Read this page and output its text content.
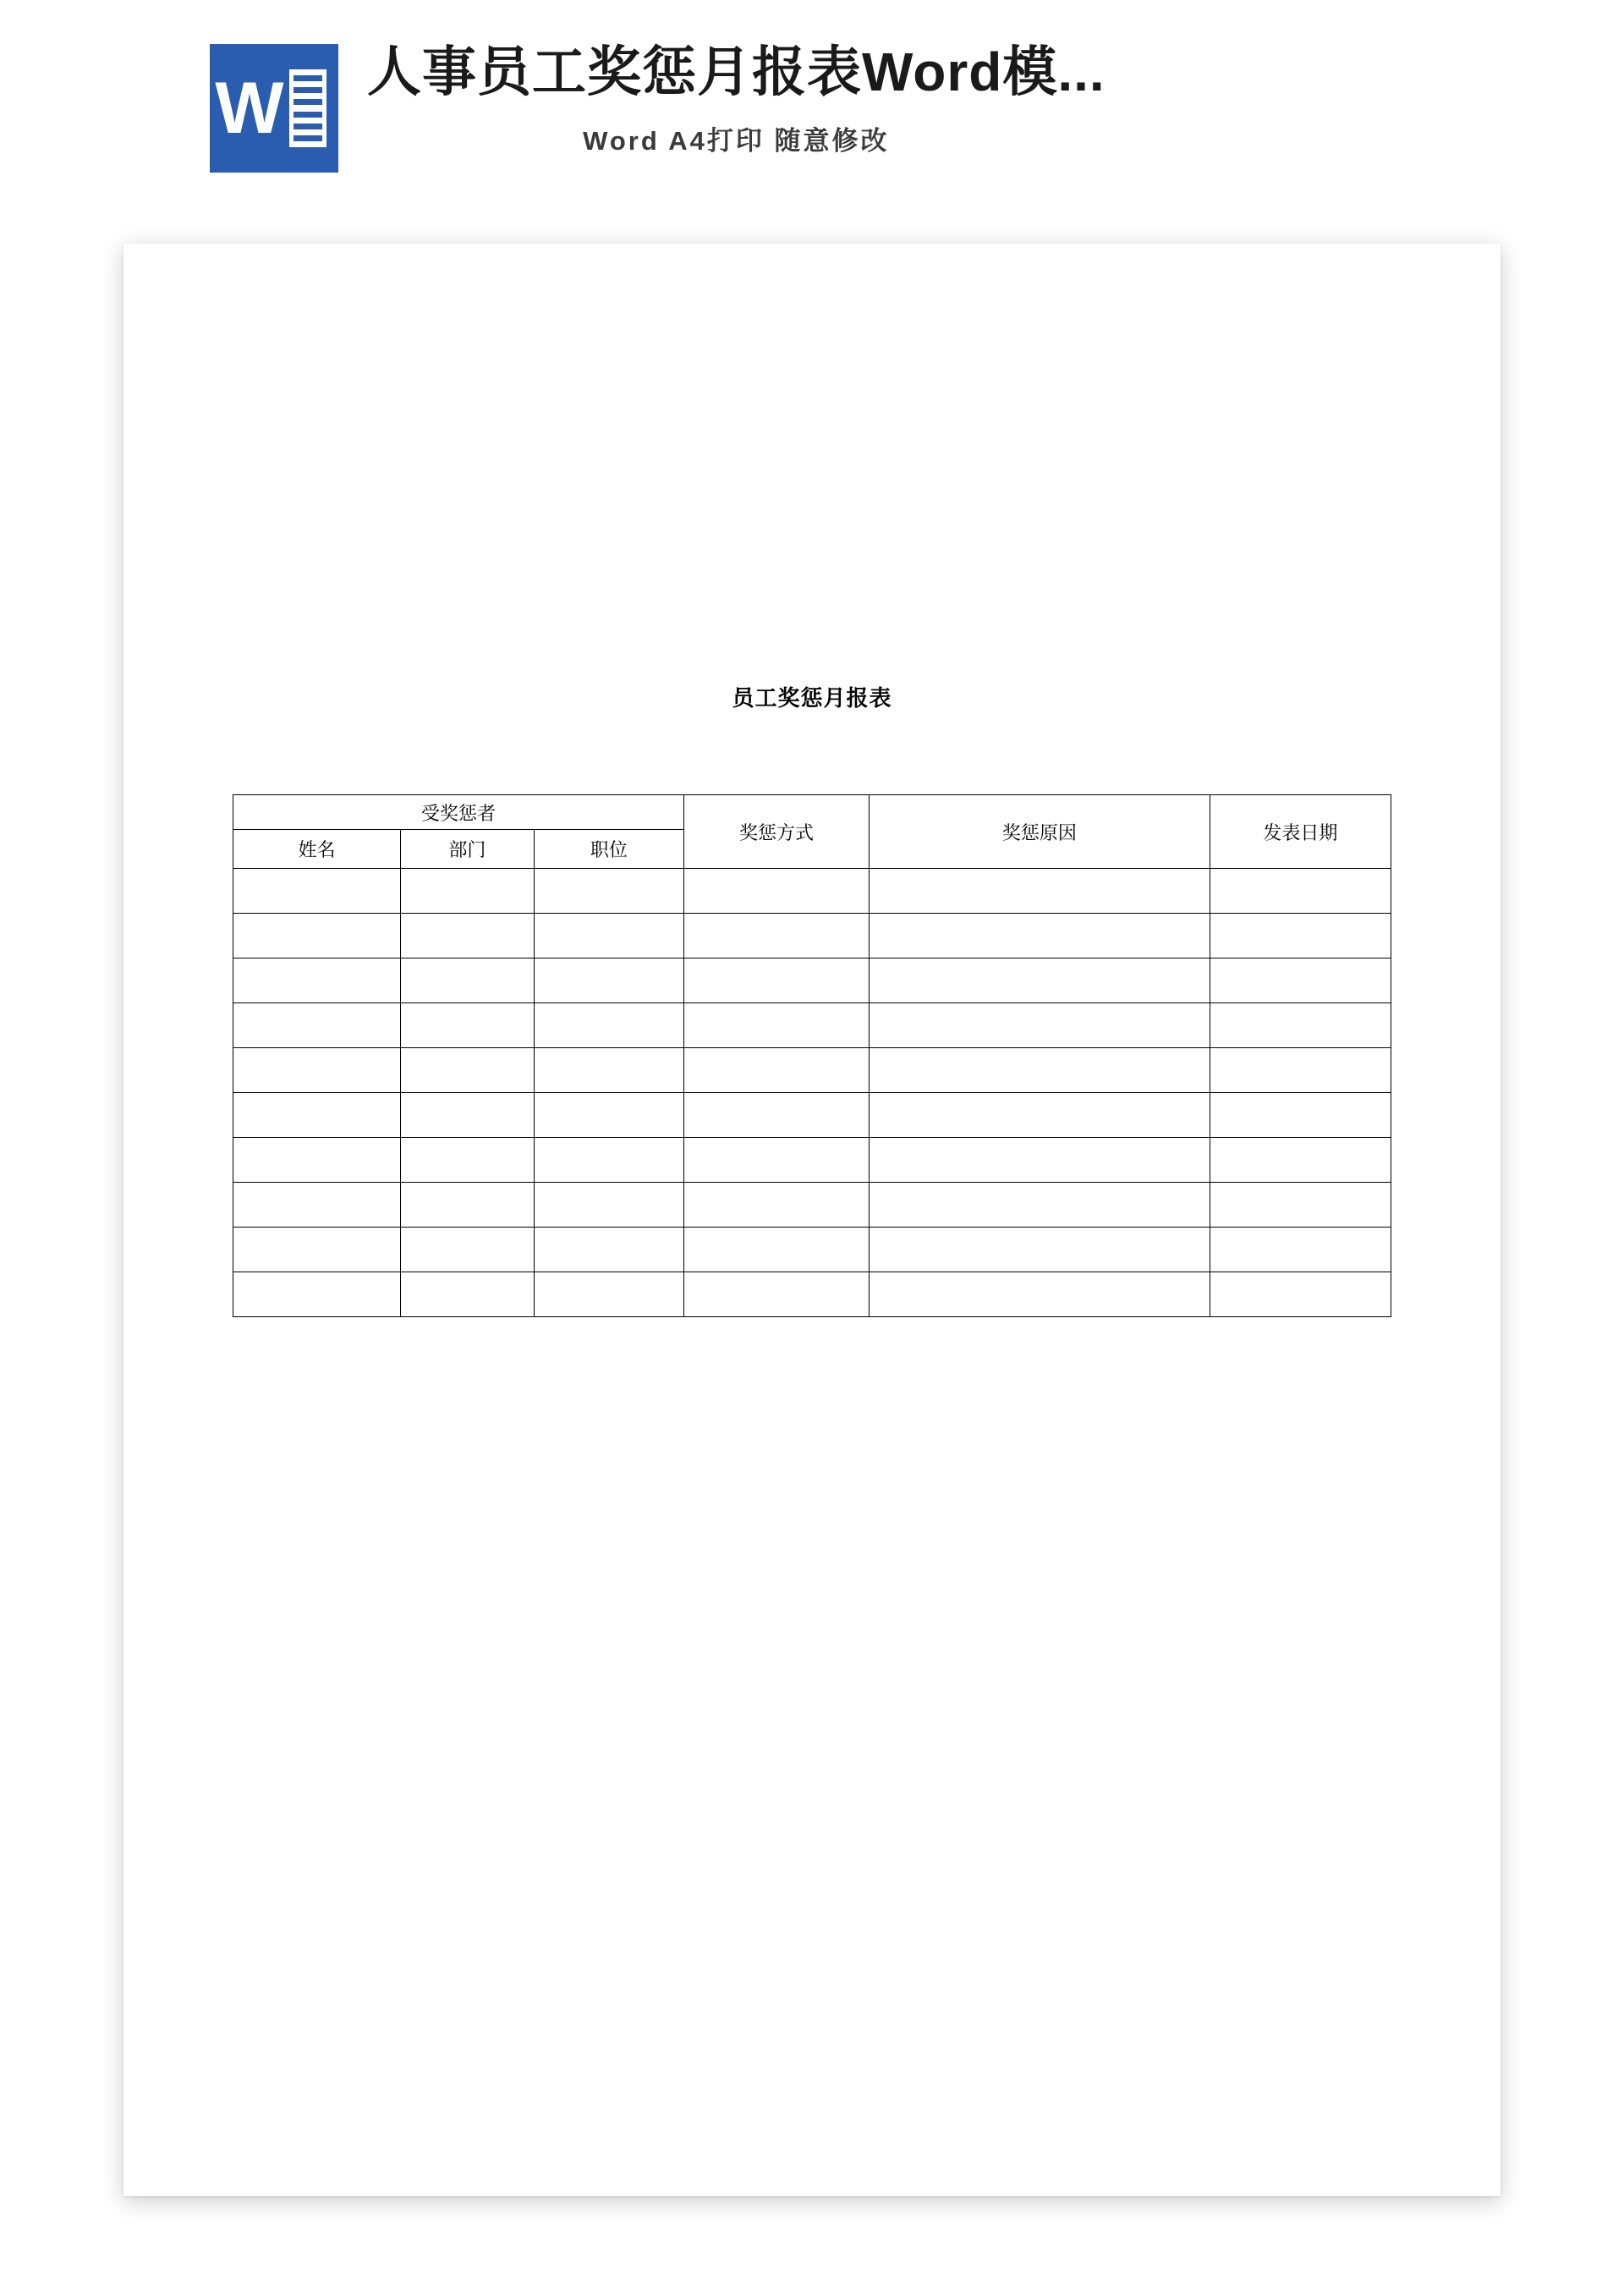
W 人事员工奖惩月报表Word模...
Word A4打印 随意修改
员工奖惩月报表
受奖惩者			奖惩方式	奖惩原因	发表日期
姓名	部门	职位			
